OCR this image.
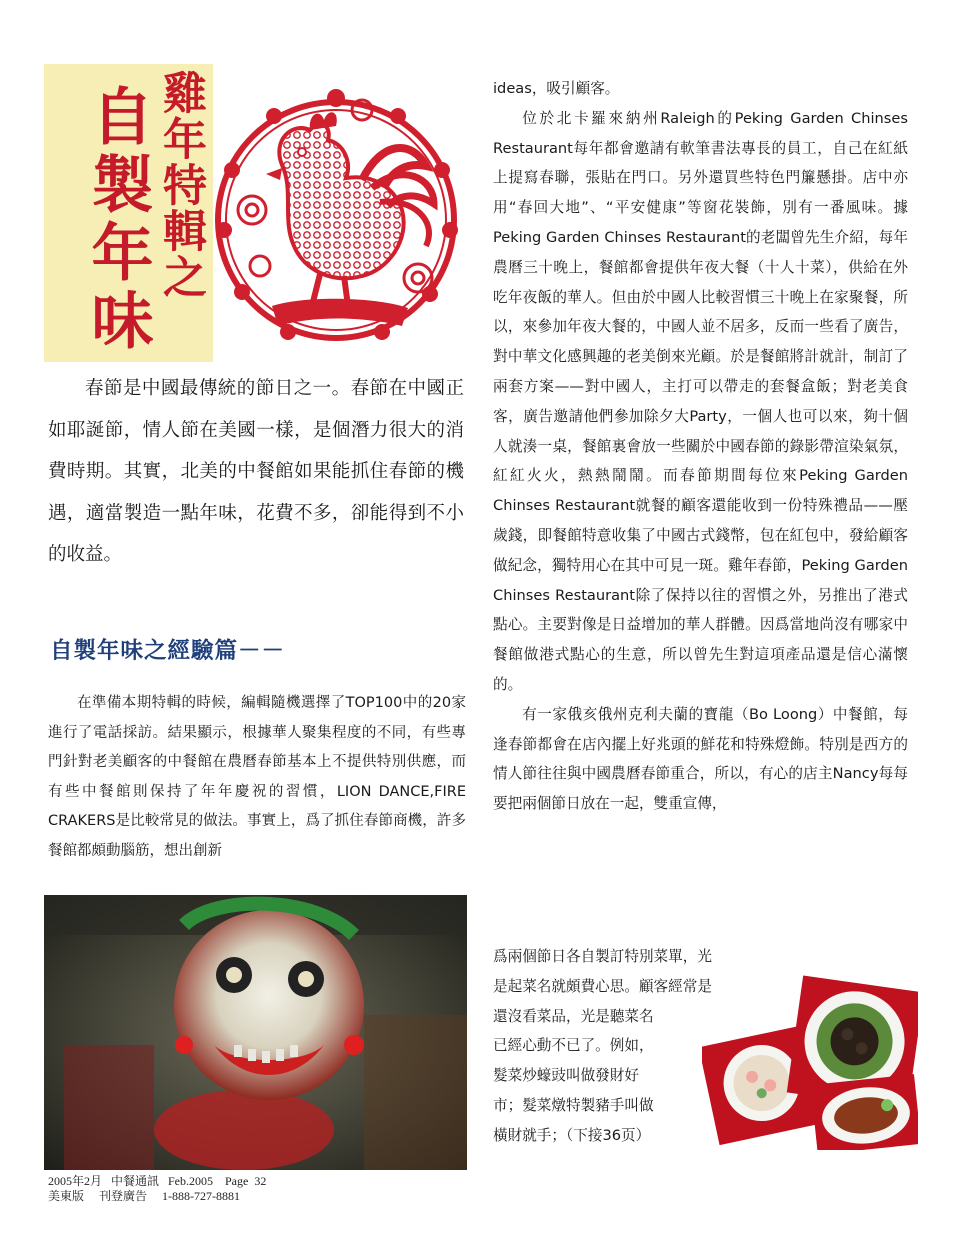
自製年味 雞年特輯之

春節是中國最傳統的節日之一。春節在中國正如耶誕節，情人節在美國一樣，是個潛力很大的消費時期。其實，北美的中餐館如果能抓住春節的機遇，適當製造一點年味，花費不多，卻能得到不小的收益。

自製年味之經驗篇－－

在準備本期特輯的時候，編輯隨機選擇了TOP100中的20家進行了電話採訪。結果顯示，根據華人聚集程度的不同，有些專門針對老美顧客的中餐館在農曆春節基本上不提供特別供應，而有些中餐館則保持了年年慶祝的習慣，LION DANCE,FIRE CRAKERS是比較常見的做法。事實上，爲了抓住春節商機，許多餐館都頗動腦筋，想出創新

2005年2月   中餐通訊   Feb.2005    Page  32
美東版     刊登廣告     1-888-727-8881

ideas，吸引顧客。

位於北卡羅來納州Raleigh的Peking Garden Chinses Restaurant每年都會邀請有軟筆書法專長的員工，自己在紅紙上提寫春聯，張貼在門口。另外還買些特色門簾懸掛。店中亦用“春回大地”、“平安健康”等窗花裝飾，別有一番風味。據Peking Garden Chinses Restaurant的老闆曾先生介紹，每年農曆三十晚上，餐館都會提供年夜大餐（十人十菜），供給在外吃年夜飯的華人。但由於中國人比較習慣三十晚上在家聚餐，所以，來參加年夜大餐的，中國人並不居多，反而一些看了廣告，對中華文化感興趣的老美倒來光顧。於是餐館將計就計，制訂了兩套方案——對中國人，主打可以帶走的套餐盒飯；對老美食客，廣告邀請他們參加除夕大Party，一個人也可以來，夠十個人就湊一桌，餐館裏會放一些關於中國春節的錄影帶渲染氣氛，紅紅火火，熱熱鬧鬧。而春節期間每位來Peking Garden Chinses Restaurant就餐的顧客還能收到一份特殊禮品——壓歲錢，即餐館特意收集了中國古式錢幣，包在紅包中，發給顧客做紀念，獨特用心在其中可見一斑。雞年春節，Peking Garden Chinses Restaurant除了保持以往的習慣之外，另推出了港式點心。主要對像是日益增加的華人群體。因爲當地尚沒有哪家中餐館做港式點心的生意，所以曾先生對這項產品還是信心滿懷的。

有一家俄亥俄州克利夫蘭的寶龍（Bo Loong）中餐館，每逢春節都會在店內擺上好兆頭的鮮花和特殊燈飾。特別是西方的情人節往往與中國農曆春節重合，所以，有心的店主Nancy每每要把兩個節日放在一起，雙重宣傳，

爲兩個節日各自製訂特別菜單，光

是起菜名就頗費心思。顧客經常是

還沒看菜品，光是聽菜名

已經心動不已了。例如，

髮菜炒蠔豉叫做發財好

市；髮菜燉特製豬手叫做

橫財就手；（下接36页）
